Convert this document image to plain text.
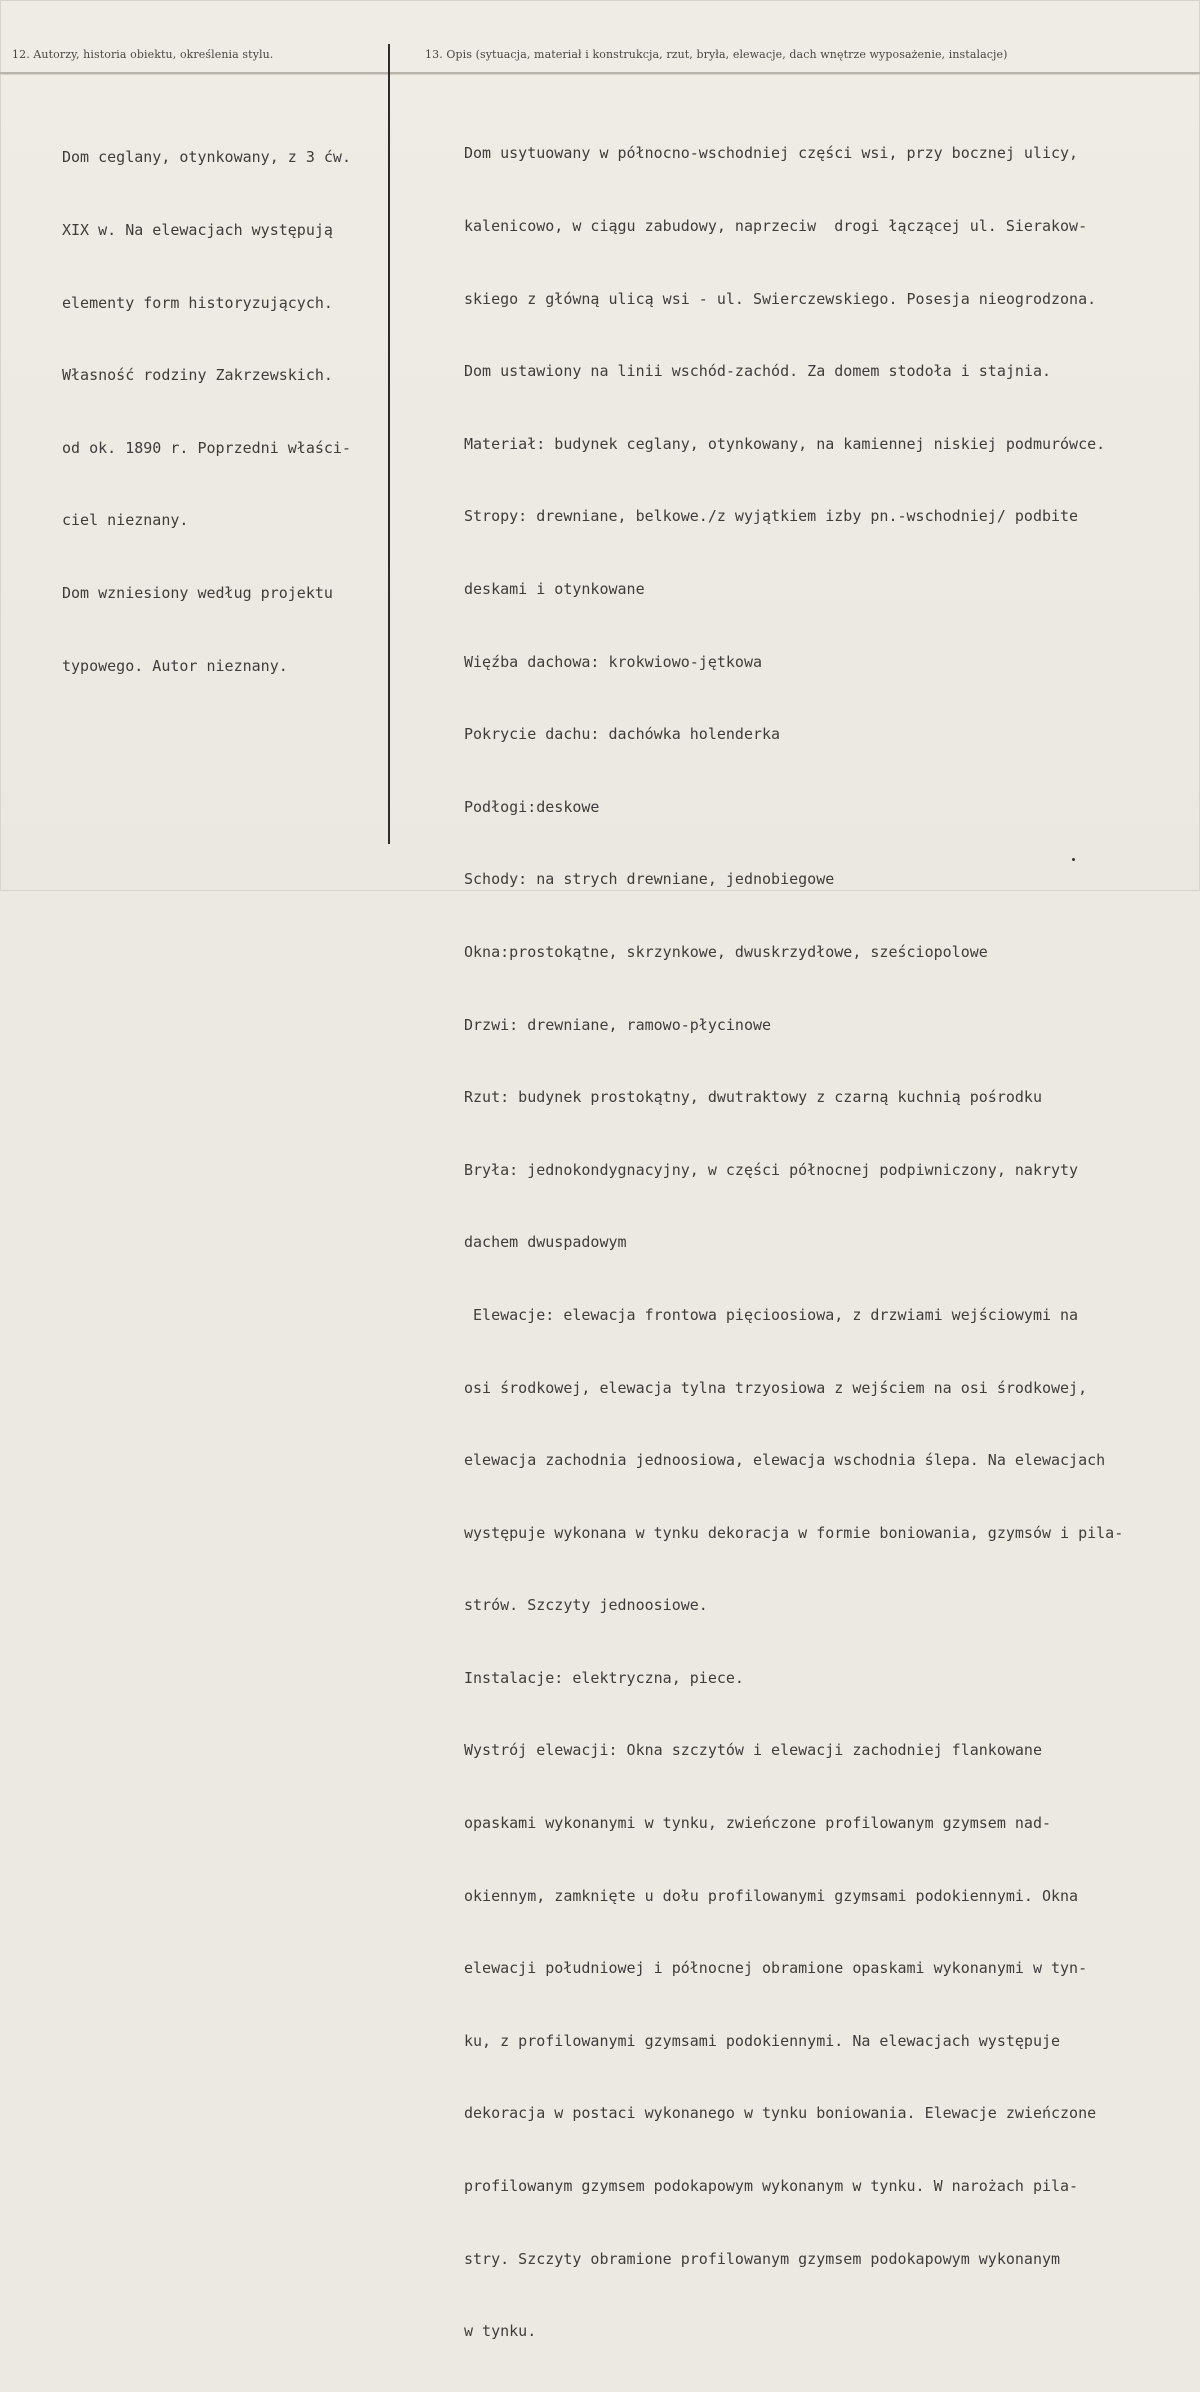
12. Autorzy, historia obiektu, określenia stylu.	13. Opis (sytuacja, materiał i konstrukcja, rzut, bryła, elewacje, dach wnętrze wyposażenie, instalacje)

Dom ceglany, otynkowany, z 3 ćw.

XIX w. Na elewacjach występują

elementy form historyzujących.

Własność rodziny Zakrzewskich.

od ok. 1890 r. Poprzedni właści-

ciel nieznany.

Dom wzniesiony według projektu

typowego. Autor nieznany.

Dom usytuowany w północno-wschodniej części wsi, przy bocznej ulicy,

kalenicowo, w ciągu zabudowy, naprzeciw  drogi łączącej ul. Sierakow-

skiego z główną ulicą wsi - ul. Swierczewskiego. Posesja nieogrodzona.

Dom ustawiony na linii wschód-zachód. Za domem stodoła i stajnia.

Materiał: budynek ceglany, otynkowany, na kamiennej niskiej podmurówce.

Stropy: drewniane, belkowe./z wyjątkiem izby pn.-wschodniej/ podbite

deskami i otynkowane

Więźba dachowa: krokwiowo-jętkowa

Pokrycie dachu: dachówka holenderka

Podłogi:deskowe

Schody: na strych drewniane, jednobiegowe

Okna:prostokątne, skrzynkowe, dwuskrzydłowe, sześciopolowe

Drzwi: drewniane, ramowo-płycinowe

Rzut: budynek prostokątny, dwutraktowy z czarną kuchnią pośrodku

Bryła: jednokondygnacyjny, w części północnej podpiwniczony, nakryty

dachem dwuspadowym

Elewacje: elewacja frontowa pięcioosiowa, z drzwiami wejściowymi na

osi środkowej, elewacja tylna trzyosiowa z wejściem na osi środkowej,

elewacja zachodnia jednoosiowa, elewacja wschodnia ślepa. Na elewacjach

występuje wykonana w tynku dekoracja w formie boniowania, gzymsów i pila-

strów. Szczyty jednoosiowe.

Instalacje: elektryczna, piece.

Wystrój elewacji: Okna szczytów i elewacji zachodniej flankowane

opaskami wykonanymi w tynku, zwieńczone profilowanym gzymsem nad-

okiennym, zamknięte u dołu profilowanymi gzymsami podokiennymi. Okna

elewacji południowej i północnej obramione opaskami wykonanymi w tyn-

ku, z profilowanymi gzymsami podokiennymi. Na elewacjach występuje

dekoracja w postaci wykonanego w tynku boniowania. Elewacje zwieńczone

profilowanym gzymsem podokapowym wykonanym w tynku. W narożach pila-

stry. Szczyty obramione profilowanym gzymsem podokapowym wykonanym

w tynku.
